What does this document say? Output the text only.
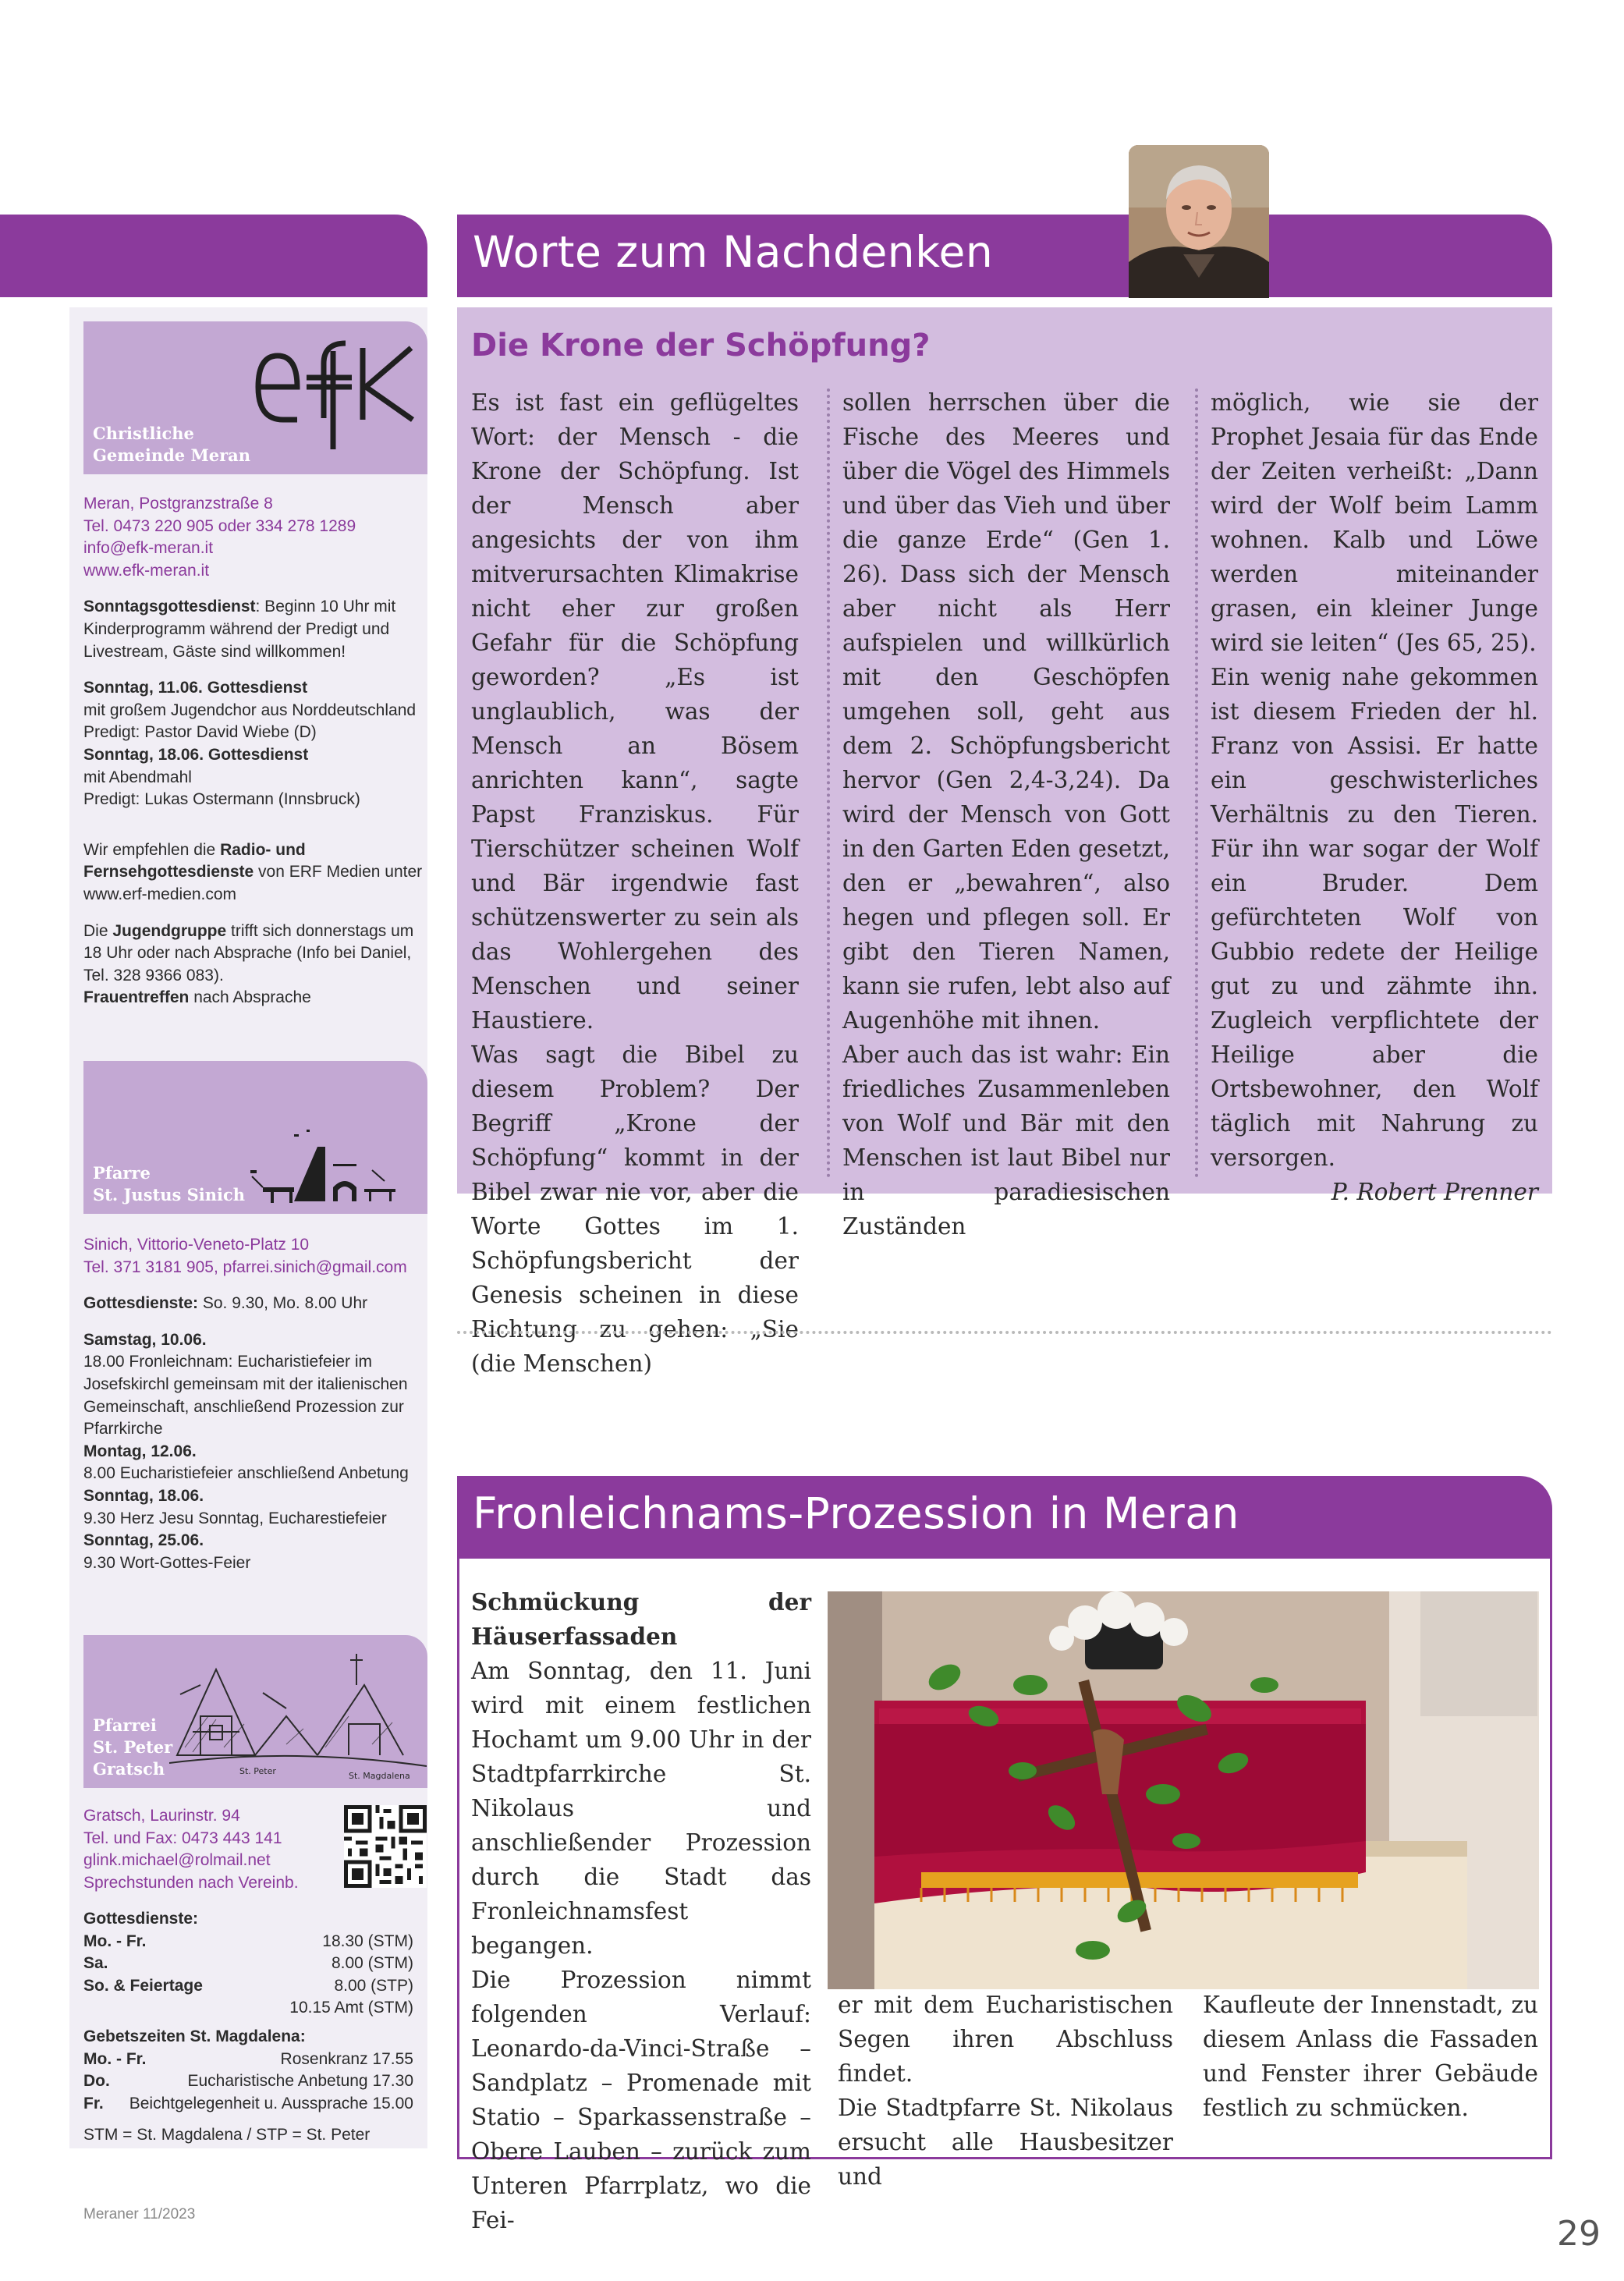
Worte zum Nachdenken
Christliche
Gemeinde Meran
Meran, Postgranzstraße 8
Tel. 0473 220 905 oder 334 278 1289
info@efk-meran.it
www.efk-meran.it
Sonntagsgottesdienst: Beginn 10 Uhr mit Kinderprogramm während der Predigt und Livestream, Gäste sind willkommen!
Sonntag, 11.06. Gottesdienst
mit großem Jugendchor aus Norddeutschland
Predigt: Pastor David Wiebe (D)
Sonntag, 18.06. Gottesdienst
mit Abendmahl
Predigt: Lukas Ostermann (Innsbruck)
Wir empfehlen die Radio- und Fernsehgottesdienste von ERF Medien unter www.erf-medien.com
Die Jugendgruppe trifft sich donnerstags um 18 Uhr oder nach Absprache (Info bei Daniel, Tel. 328 9366 083).
Frauentreffen nach Absprache
Pfarre
St. Justus Sinich
Sinich, Vittorio-Veneto-Platz 10
Tel. 371 3181 905, pfarrei.sinich@gmail.com
Gottesdienste: So. 9.30, Mo. 8.00 Uhr
Samstag, 10.06.
18.00 Fronleichnam: Eucharistiefeier im Josefskirchl gemeinsam mit der italienischen Gemeinschaft, anschließend Prozession zur Pfarrkirche
Montag, 12.06.
8.00 Eucharistiefeier anschließend Anbetung
Sonntag, 18.06.
9.30 Herz Jesu Sonntag, Eucharestiefeier
Sonntag, 25.06.
9.30 Wort-Gottes-Feier
St. Peter	St. Magdalena
Pfarrei
St. Peter
Gratsch
Gratsch, Laurinstr. 94
Tel. und Fax: 0473 443 141
glink.michael@rolmail.net
Sprechstunden nach Vereinb.
Gottesdienste:
Mo. - Fr.	18.30 (STM)
Sa.	8.00 (STM)
So. & Feiertage	8.00 (STP)
10.15 Amt (STM)
Gebetszeiten St. Magdalena:
Mo. - Fr.	Rosenkranz 17.55
Do.	Eucharistische Anbetung 17.30
Fr. Beichtgelegenheit u. Aussprache 15.00
STM = St. Magdalena / STP = St. Peter
Die Krone der Schöpfung?

Es ist fast ein geflügeltes Wort: der Mensch - die Krone der Schöpfung. Ist der Mensch aber angesichts der von ihm mitverursachten Klimakrise nicht eher zur großen Gefahr für die Schöpfung geworden? „Es ist unglaublich, was der Mensch an Bösem anrichten kann“, sagte Papst Franziskus. Für Tierschützer scheinen Wolf und Bär irgendwie fast schützenswerter zu sein als das Wohlergehen des Menschen und seiner Haustiere.

Was sagt die Bibel zu diesem Problem? Der Begriff „Krone der Schöpfung“ kommt in der Bibel zwar nie vor, aber die Worte Gottes im 1. Schöpfungsbericht der Genesis scheinen in diese Richtung zu gehen: „Sie (die Menschen)

sollen herrschen über die Fische des Meeres und über die Vögel des Himmels und über das Vieh und über die ganze Erde“ (Gen 1. 26). Dass sich der Mensch aber nicht als Herr aufspielen und willkürlich mit den Geschöpfen umgehen soll, geht aus dem 2. Schöpfungsbericht hervor (Gen 2,4-3,24). Da wird der Mensch von Gott in den Garten Eden gesetzt, den er „bewahren“, also hegen und pflegen soll. Er gibt den Tieren Namen, kann sie rufen, lebt also auf Augenhöhe mit ihnen.

Aber auch das ist wahr: Ein friedliches Zusammenleben von Wolf und Bär mit den Menschen ist laut Bibel nur in paradiesischen Zuständen

möglich, wie sie der Prophet Jesaia für das Ende der Zeiten verheißt: „Dann wird der Wolf beim Lamm wohnen. Kalb und Löwe werden miteinander grasen, ein kleiner Junge wird sie leiten“ (Jes 65, 25).

Ein wenig nahe gekommen ist diesem Frieden der hl. Franz von Assisi. Er hatte ein geschwisterliches Verhältnis zu den Tieren. Für ihn war sogar der Wolf ein Bruder. Dem gefürchteten Wolf von Gubbio redete der Heilige gut zu und zähmte ihn. Zugleich verpflichtete der Heilige aber die Ortsbewohner, den Wolf täglich mit Nahrung zu versorgen.

P. Robert Prenner

Fronleichnams-Prozession in Meran
Schmückung der Häuserfassaden

Am Sonntag, den 11. Juni wird mit einem festlichen Hochamt um 9.00 Uhr in der Stadtpfarrkirche St. Nikolaus und anschließender Prozession durch die Stadt das Fronleichnamsfest begangen.

Die Prozession nimmt folgenden Verlauf: Leonardo-da-Vinci-Straße – Sandplatz – Promenade mit Statio – Sparkassenstraße – Obere Lauben – zurück zum Unteren Pfarrplatz, wo die Fei-

er mit dem Eucharistischen Segen ihren Abschluss findet.

Die Stadtpfarre St. Nikolaus ersucht alle Hausbesitzer und

Kaufleute der Innenstadt, zu diesem Anlass die Fassaden und Fenster ihrer Gebäude festlich zu schmücken.

Meraner 11/2023	29
